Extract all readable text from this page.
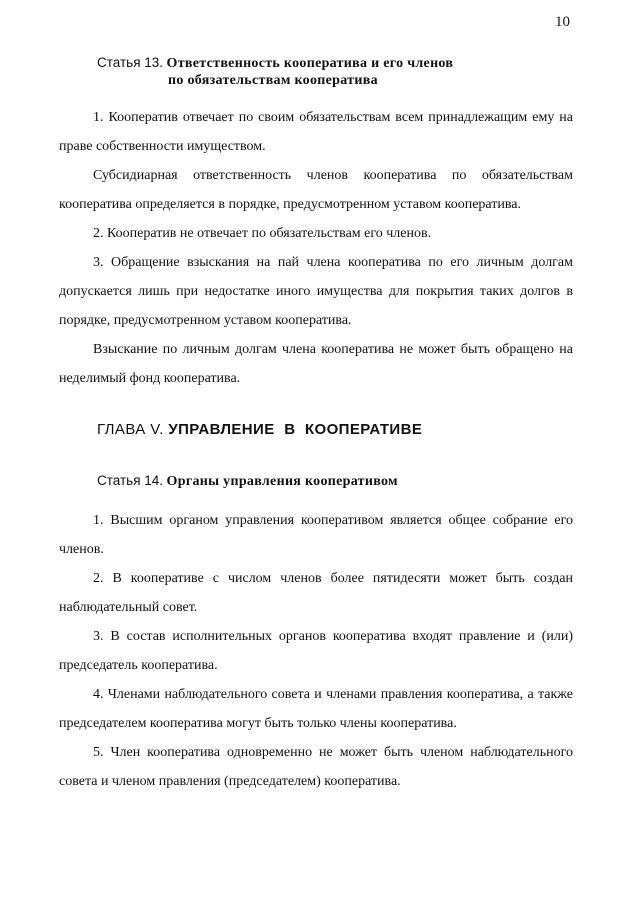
10
Статья 13. Ответственность кооператива и его членов
по обязательствам кооператива

1. Кооператив отвечает по своим обязательствам всем принадлежащим ему на праве собственности имуществом.

Субсидиарная ответственность членов кооператива по обязательствам кооператива определяется в порядке, предусмотренном уставом кооператива.

2. Кооператив не отвечает по обязательствам его членов.

3. Обращение взыскания на пай члена кооператива по его личным долгам допускается лишь при недостатке иного имущества для покрытия таких долгов в порядке, предусмотренном уставом кооператива.

Взыскание по личным долгам члена кооператива не может быть обращено на неделимый фонд кооператива.

ГЛАВА V. УПРАВЛЕНИЕ В КООПЕРАТИВЕ
Статья 14. Органы управления кооперативом

1. Высшим органом управления кооперативом является общее собрание его членов.

2. В кооперативе с числом членов более пятидесяти может быть создан наблюдательный совет.

3. В состав исполнительных органов кооператива входят правление и (или) председатель кооператива.

4. Членами наблюдательного совета и членами правления кооператива, а также председателем кооператива могут быть только члены кооператива.

5. Член кооператива одновременно не может быть членом наблюдательного совета и членом правления (председателем) кооператива.
